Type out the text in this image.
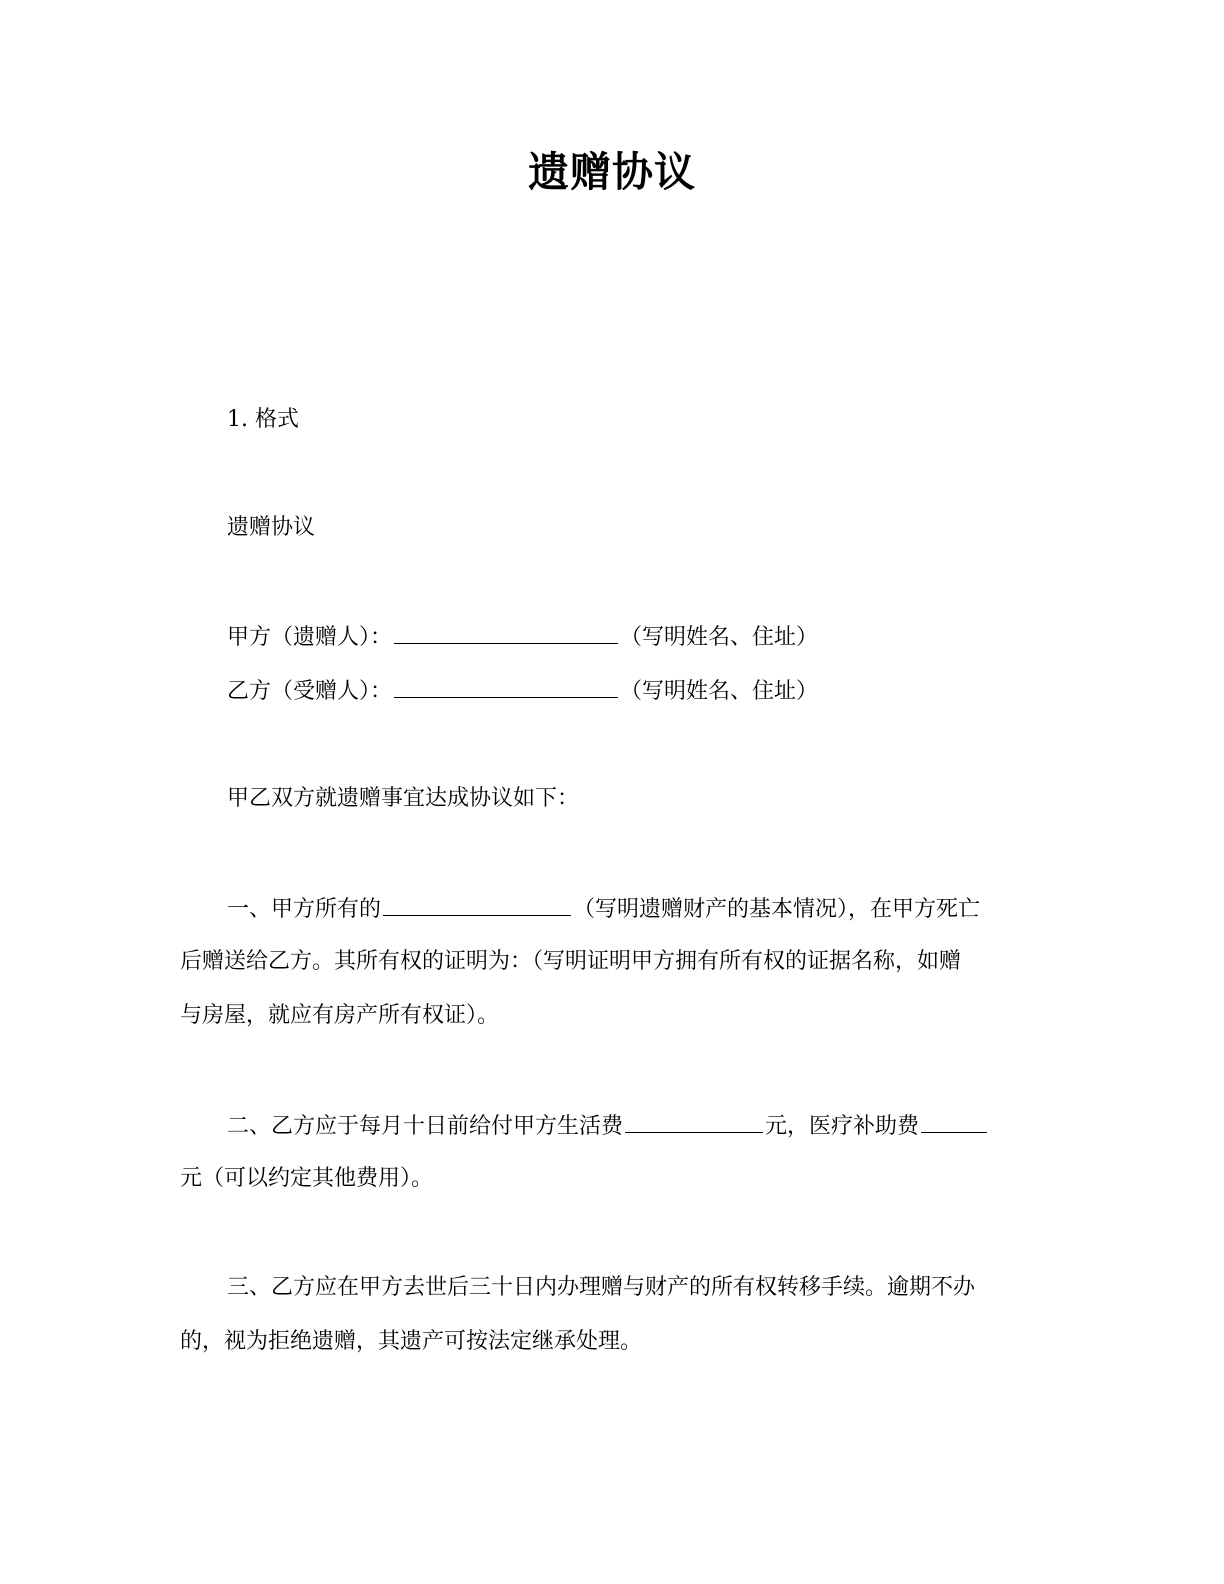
遗赠协议
1. 格式
遗赠协议
甲方（遗赠人）：	（写明姓名、住址）
乙方（受赠人）：	（写明姓名、住址）
甲乙双方就遗赠事宜达成协议如下：
一、甲方所有的	（写明遗赠财产的基本情况），在甲方死亡
后赠送给乙方。其所有权的证明为：（写明证明甲方拥有所有权的证据名称，如赠
与房屋，就应有房产所有权证）。
二、乙方应于每月十日前给付甲方生活费	元，医疗补助费
元（可以约定其他费用）。
三、乙方应在甲方去世后三十日内办理赠与财产的所有权转移手续。逾期不办
的，视为拒绝遗赠，其遗产可按法定继承处理。
